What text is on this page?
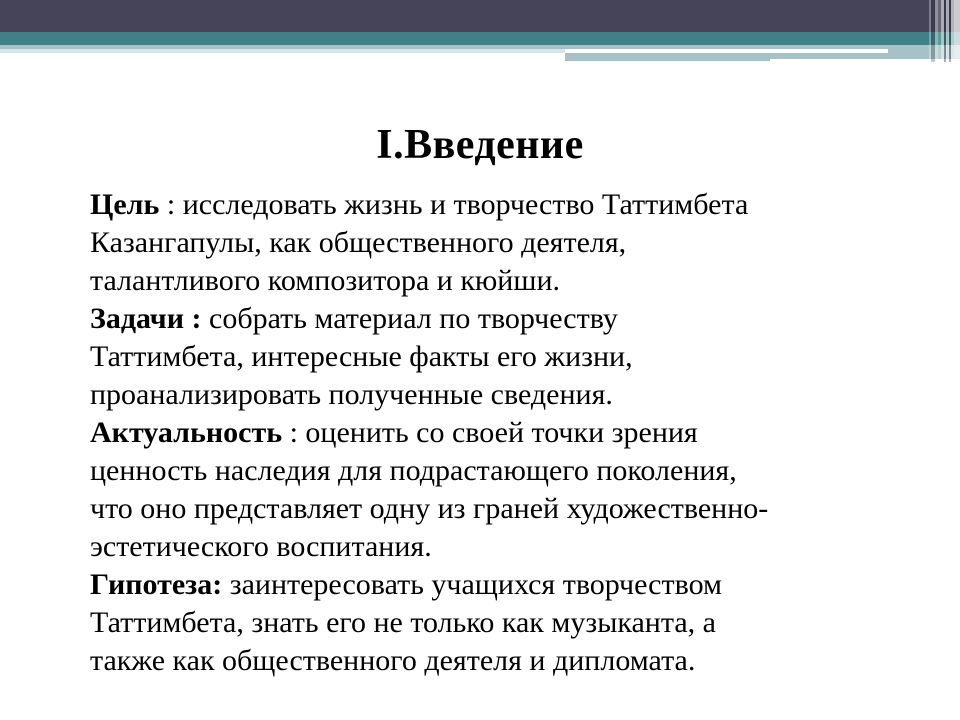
I.Введение
Цель : исследовать жизнь и творчество Таттимбета
Казангапулы, как общественного деятеля,
талантливого композитора и кюйши.
Задачи : собрать материал по творчеству
Таттимбета, интересные факты его жизни,
проанализировать полученные сведения.
Актуальность : оценить со своей точки зрения
ценность наследия для подрастающего поколения,
что оно представляет одну из граней художественно-
эстетического воспитания.
Гипотеза: заинтересовать учащихся творчеством
Таттимбета, знать его не только как музыканта, а
также как общественного деятеля и дипломата.
